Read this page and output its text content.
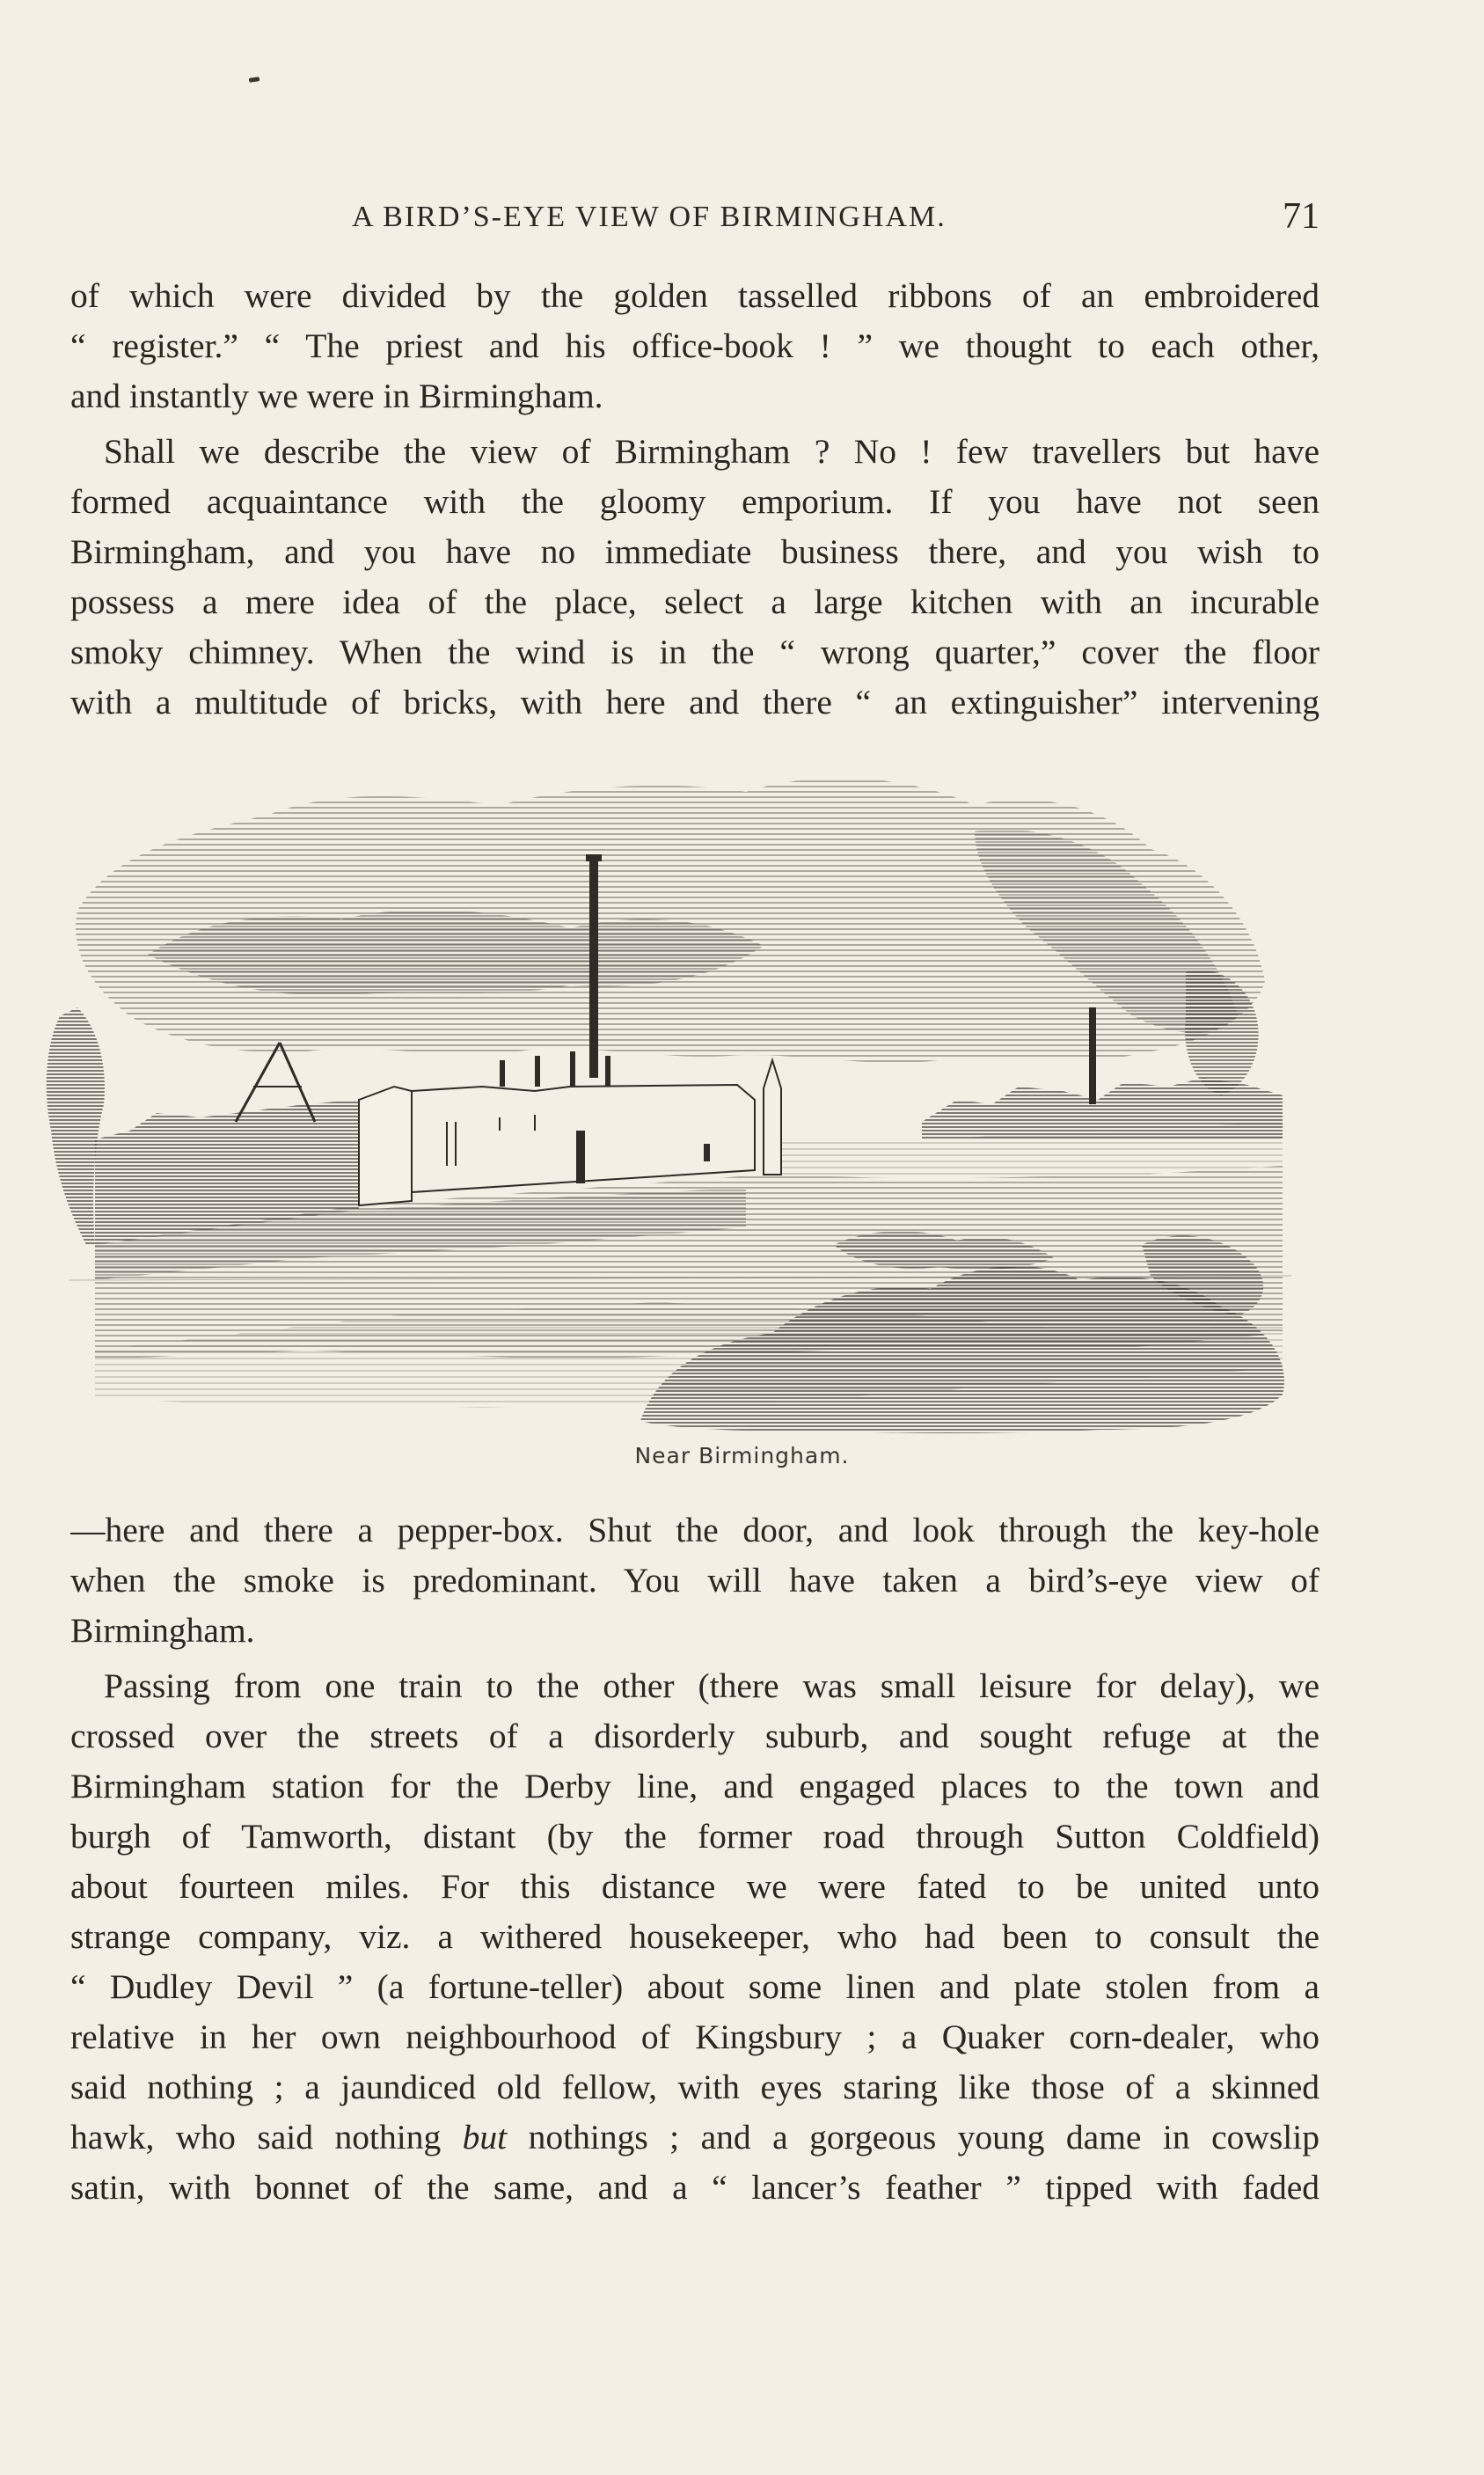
A BIRD’S-EYE VIEW OF BIRMINGHAM.	71
of which were divided by the golden tasselled ribbons of an embroidered
“ register.” “ The priest and his office-book ! ” we thought to each other,
and instantly we were in Birmingham.
Shall we describe the view of Birmingham ? No ! few travellers but have
formed acquaintance with the gloomy emporium. If you have not seen
Birmingham, and you have no immediate business there, and you wish to
possess a mere idea of the place, select a large kitchen with an incurable
smoky chimney. When the wind is in the “ wrong quarter,” cover the floor
with a multitude of bricks, with here and there “ an extinguisher” intervening
Near Birmingham.
—here and there a pepper-box. Shut the door, and look through the key-hole
when the smoke is predominant. You will have taken a bird’s-eye view of
Birmingham.
Passing from one train to the other (there was small leisure for delay), we
crossed over the streets of a disorderly suburb, and sought refuge at the
Birmingham station for the Derby line, and engaged places to the town and
burgh of Tamworth, distant (by the former road through Sutton Coldfield)
about fourteen miles. For this distance we were fated to be united unto
strange company, viz. a withered housekeeper, who had been to consult the
“ Dudley Devil ” (a fortune-teller) about some linen and plate stolen from a
relative in her own neighbourhood of Kingsbury ; a Quaker corn-dealer, who
said nothing ; a jaundiced old fellow, with eyes staring like those of a skinned
hawk, who said nothing but nothings ; and a gorgeous young dame in cowslip
satin, with bonnet of the same, and a “ lancer’s feather ” tipped with faded
